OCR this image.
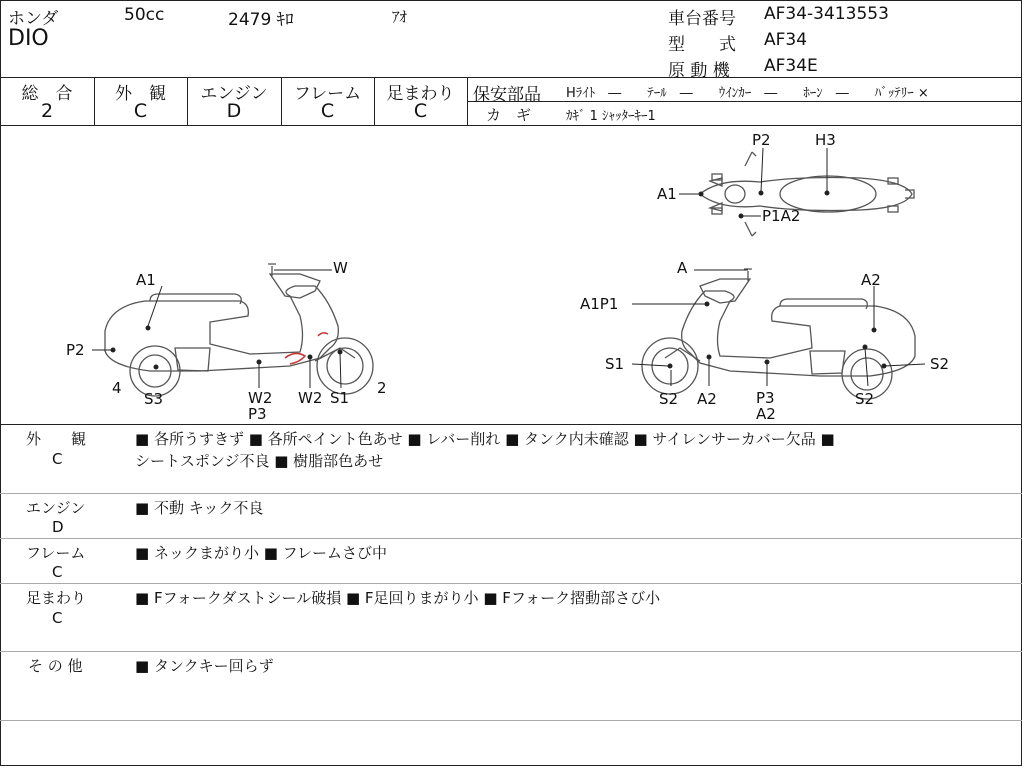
ホンダ	50cc	2479 ｷﾛ	ｱｵ
DIO
車台番号 AF34-3413553
型　　式 AF34
原 動 機 AF34E
総　合
2
外　観
C
エンジン
D
フレーム
C
足まわり
C
保安部品 Hﾗｲﾄ　―　　ﾃｰﾙ　―　　ｳｲﾝｶｰ　―　　ﾎｰﾝ　―　　ﾊﾞｯﾃﾘｰ ×
カ　ギ	ｶｷﾞ 1 ｼｬｯﾀｰｷｰ1
A1
P2	H3
P1A2
A1
W
P2
4
S3	W2
P3
W2 S1
2
A
A2
A1P1
S1	S2
S2 A2	P3
A2
S2
外　　観
C
■ 各所うすきず ■ 各所ペイント色あせ ■ レバー削れ ■ タンク内未確認 ■ サイレンサーカバー欠品 ■
シートスポンジ不良 ■ 樹脂部色あせ
エンジン
D
■ 不動 キック不良
フレーム
C
■ ネックまがり小 ■ フレームさび中
足まわり
C
■ Fフォークダストシール破損 ■ F足回りまがり小 ■ Fフォーク摺動部さび小
そ の 他	■ タンクキー回らず
